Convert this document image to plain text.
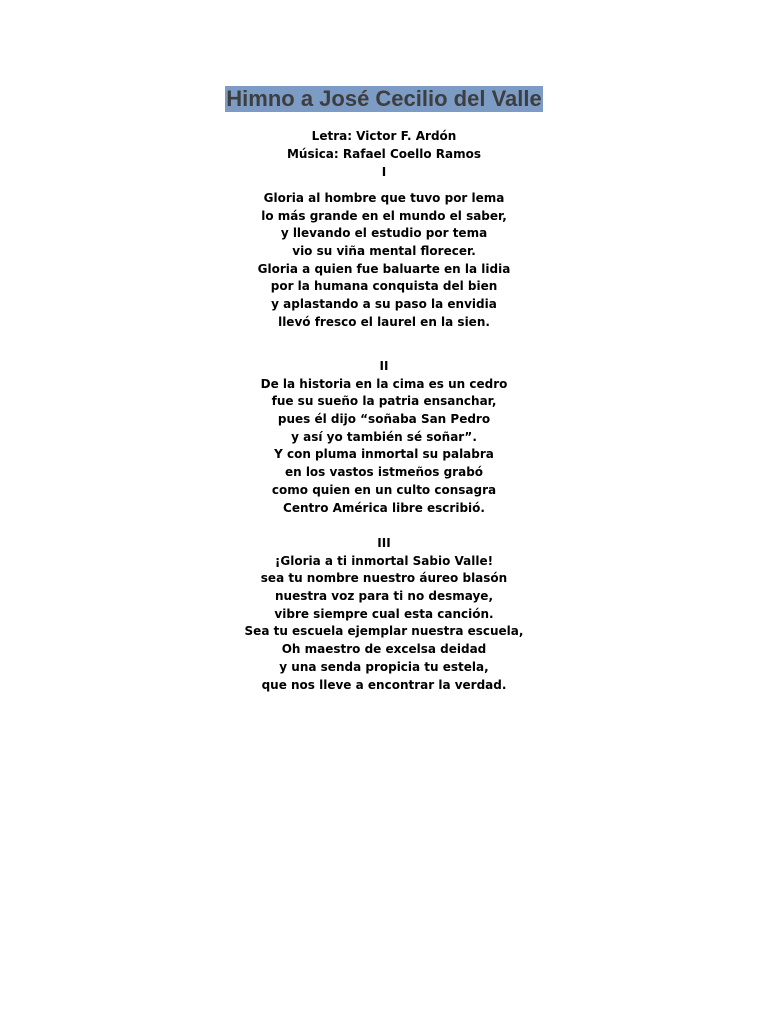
Himno a José Cecilio del Valle
Letra: Victor F. Ardón
Música: Rafael Coello Ramos
I
Gloria al hombre que tuvo por lema
lo más grande en el mundo el saber,
y llevando el estudio por tema
vio su viña mental florecer.
Gloria a quien fue baluarte en la lidia
por la humana conquista del bien
y aplastando a su paso la envidia
llevó fresco el laurel en la sien.
II
De la historia en la cima es un cedro
fue su sueño la patria ensanchar,
pues él dijo “soñaba San Pedro
y así yo también sé soñar”.
Y con pluma inmortal su palabra
en los vastos istmeños grabó
como quien en un culto consagra
Centro América libre escribió.
III
¡Gloria a ti inmortal Sabio Valle!
sea tu nombre nuestro áureo blasón
nuestra voz para ti no desmaye,
vibre siempre cual esta canción.
Sea tu escuela ejemplar nuestra escuela,
Oh maestro de excelsa deidad
y una senda propicia tu estela,
que nos lleve a encontrar la verdad.
